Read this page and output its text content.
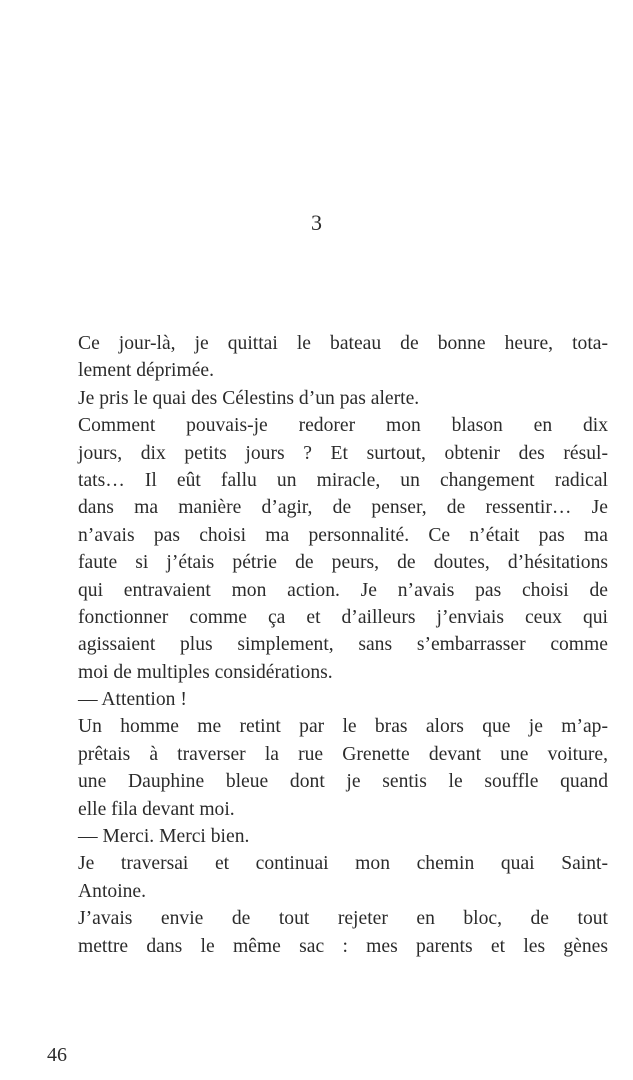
3
Ce jour-là, je quittai le bateau de bonne heure, tota-
lement déprimée.
Je pris le quai des Célestins d’un pas alerte.
Comment pouvais-je redorer mon blason en dix
jours, dix petits jours ? Et surtout, obtenir des résul-
tats… Il eût fallu un miracle, un changement radical
dans ma manière d’agir, de penser, de ressentir… Je
n’avais pas choisi ma personnalité. Ce n’était pas ma
faute si j’étais pétrie de peurs, de doutes, d’hésitations
qui entravaient mon action. Je n’avais pas choisi de
fonctionner comme ça et d’ailleurs j’enviais ceux qui
agissaient plus simplement, sans s’embarrasser comme
moi de multiples considérations.
— Attention !
Un homme me retint par le bras alors que je m’ap-
prêtais à traverser la rue Grenette devant une voiture,
une Dauphine bleue dont je sentis le souffle quand
elle fila devant moi.
— Merci. Merci bien.
Je traversai et continuai mon chemin quai Saint-
Antoine.
J’avais envie de tout rejeter en bloc, de tout
mettre dans le même sac : mes parents et les gènes
46
